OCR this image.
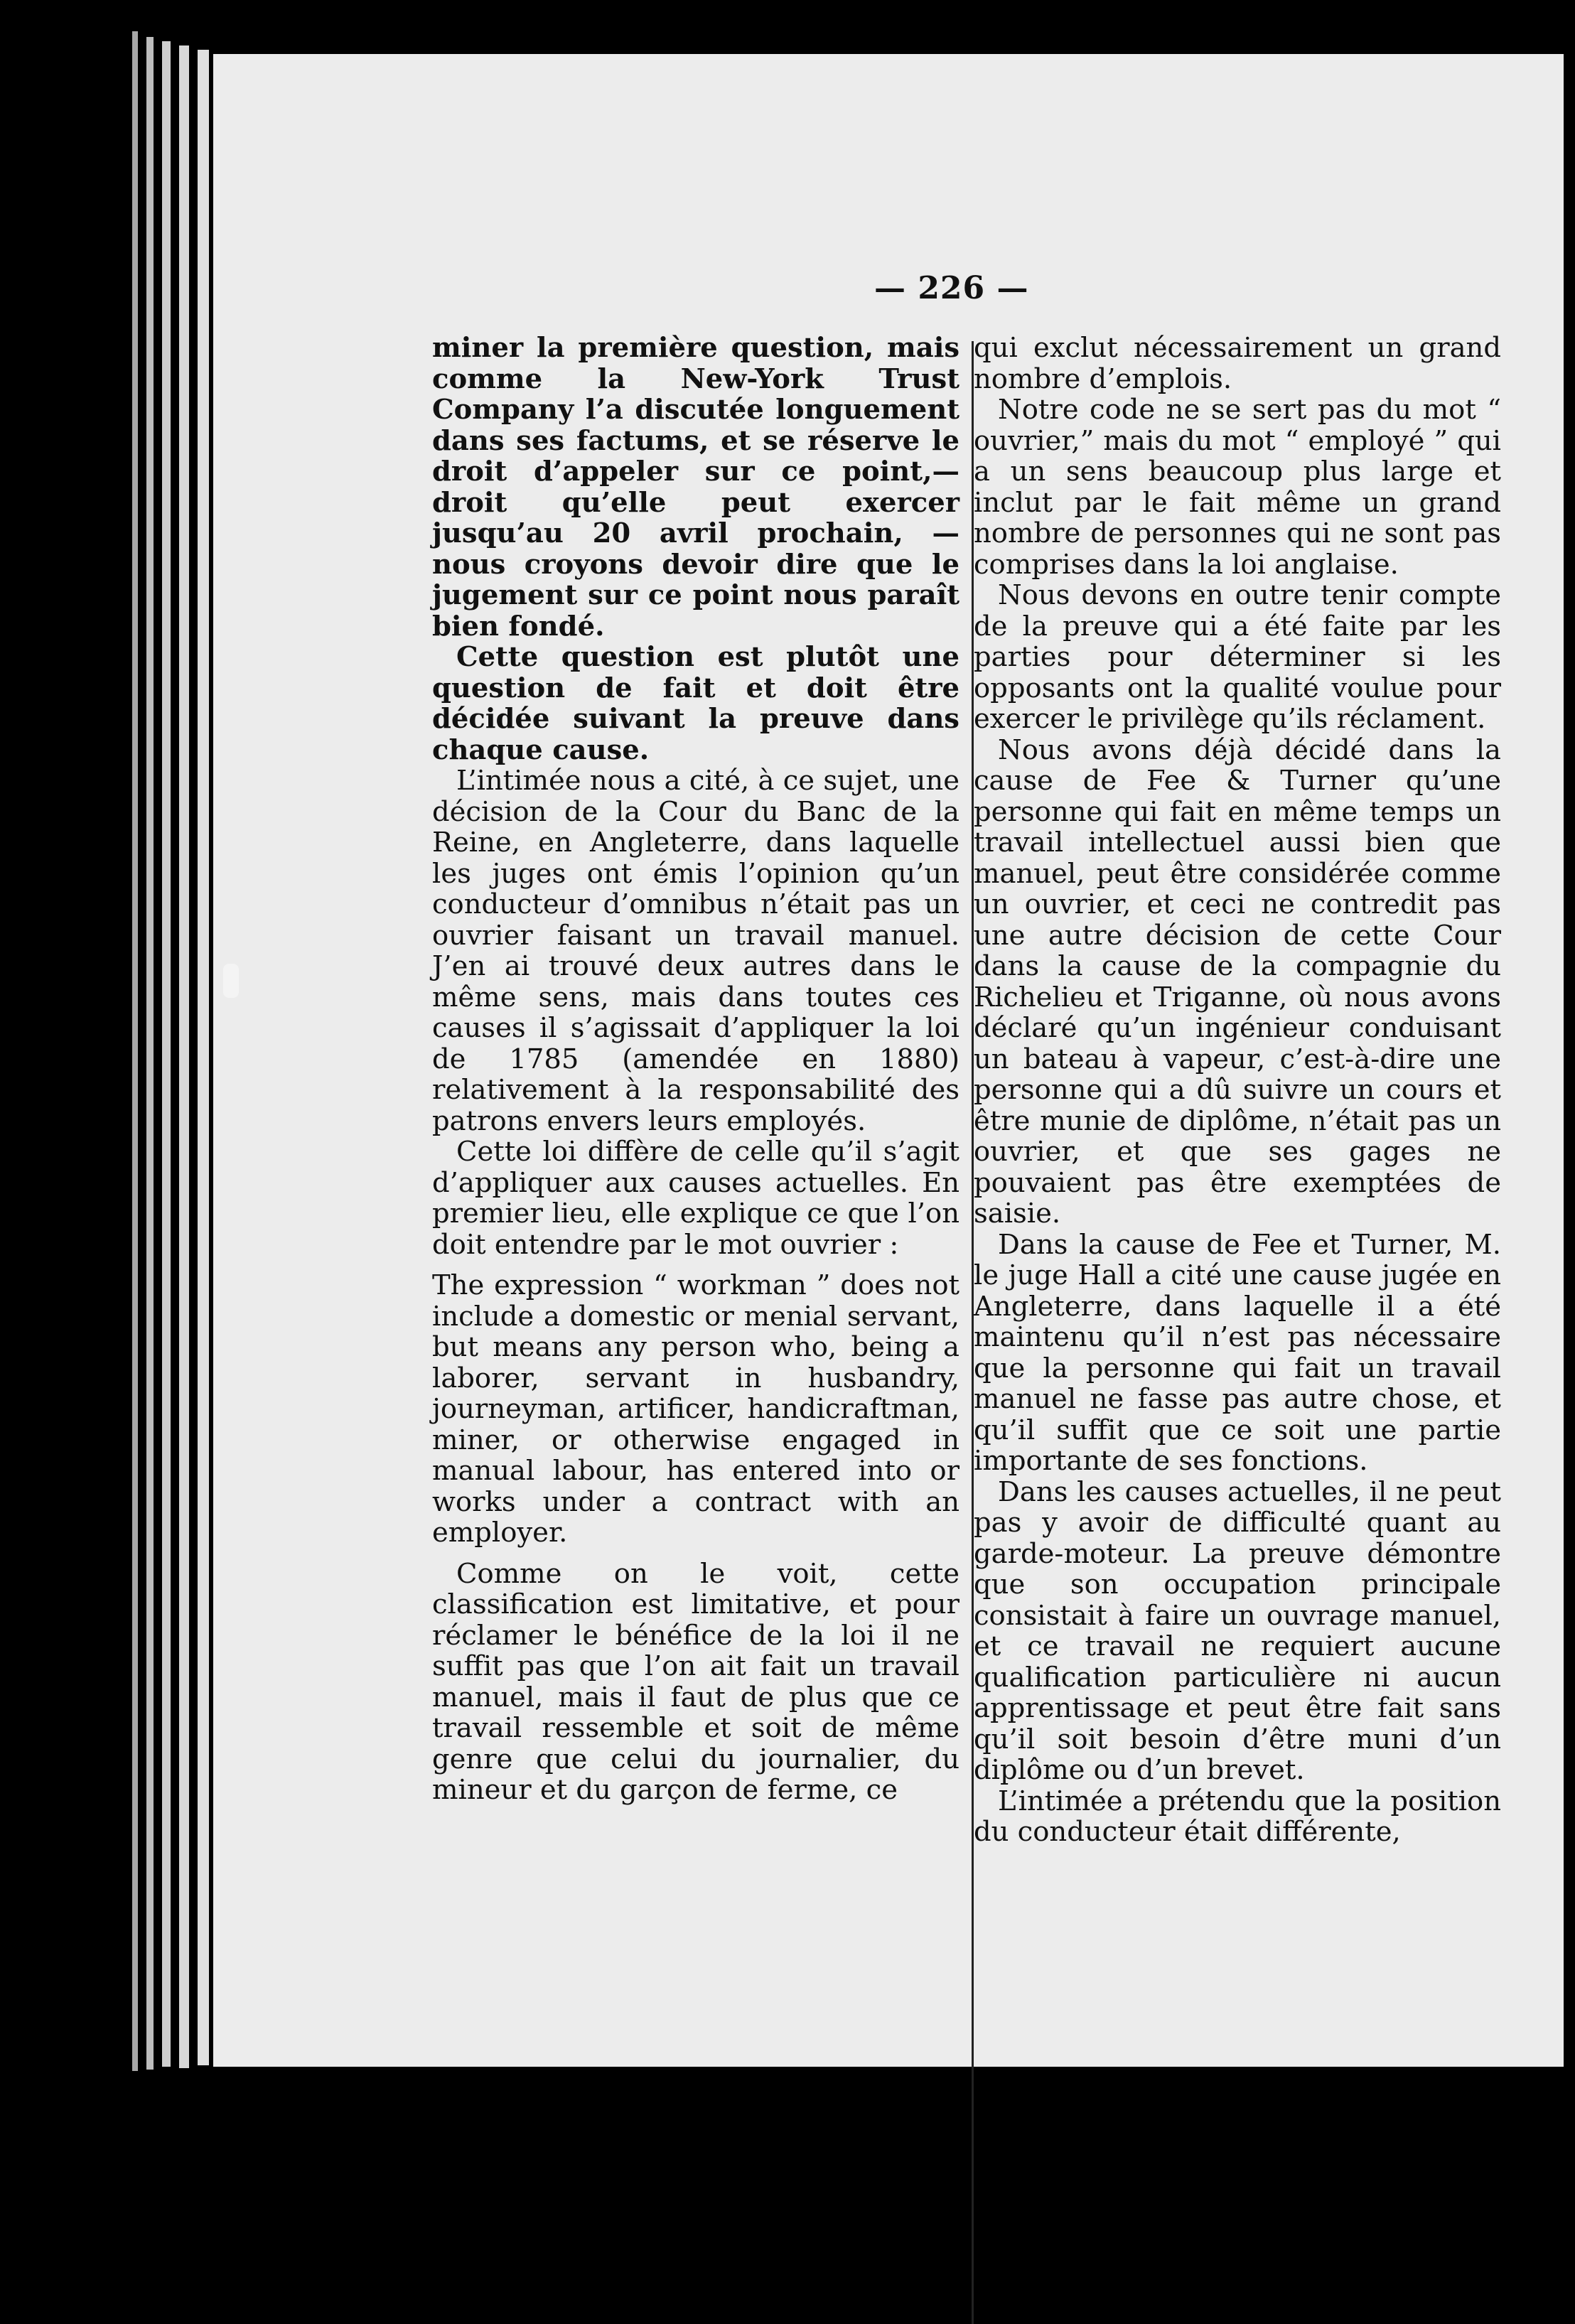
— 226 —

miner la première question, mais comme la New-York Trust Company l’a discutée longuement dans ses factums, et se réserve le droit d’appeler sur ce point,—droit qu’elle peut exercer jusqu’au 20 avril prochain, — nous croyons devoir dire que le jugement sur ce point nous paraît bien fondé.

Cette question est plutôt une question de fait et doit être décidée suivant la preuve dans chaque cause.

L’intimée nous a cité, à ce sujet, une décision de la Cour du Banc de la Reine, en Angleterre, dans laquelle les juges ont émis l’opinion qu’un conducteur d’omnibus n’était pas un ouvrier faisant un travail manuel. J’en ai trouvé deux autres dans le même sens, mais dans toutes ces causes il s’agissait d’appliquer la loi de 1785 (amendée en 1880) relativement à la responsabilité des patrons envers leurs employés.

Cette loi diffère de celle qu’il s’agit d’appliquer aux causes actuelles. En premier lieu, elle explique ce que l’on doit entendre par le mot ouvrier :

The expression “ workman ” does not include a domestic or menial servant, but means any person who, being a laborer, servant in husbandry, journeyman, artificer, handicraftman, miner, or otherwise engaged in manual labour, has entered into or works under a contract with an employer.

Comme on le voit, cette classification est limitative, et pour réclamer le bénéfice de la loi il ne suffit pas que l’on ait fait un travail manuel, mais il faut de plus que ce travail ressemble et soit de même genre que celui du journalier, du mineur et du garçon de ferme, ce

qui exclut nécessairement un grand nombre d’emplois.

Notre code ne se sert pas du mot “ ouvrier,” mais du mot “ employé ” qui a un sens beaucoup plus large et inclut par le fait même un grand nombre de personnes qui ne sont pas comprises dans la loi anglaise.

Nous devons en outre tenir compte de la preuve qui a été faite par les parties pour déterminer si les opposants ont la qualité voulue pour exercer le privilège qu’ils réclament.

Nous avons déjà décidé dans la cause de Fee & Turner qu’une personne qui fait en même temps un travail intellectuel aussi bien que manuel, peut être considérée comme un ouvrier, et ceci ne contredit pas une autre décision de cette Cour dans la cause de la compagnie du Richelieu et Triganne, où nous avons déclaré qu’un ingénieur conduisant un bateau à vapeur, c’est-à-dire une personne qui a dû suivre un cours et être munie de diplôme, n’était pas un ouvrier, et que ses gages ne pouvaient pas être exemptées de saisie.

Dans la cause de Fee et Turner, M. le juge Hall a cité une cause jugée en Angleterre, dans laquelle il a été maintenu qu’il n’est pas nécessaire que la personne qui fait un travail manuel ne fasse pas autre chose, et qu’il suffit que ce soit une partie importante de ses fonctions.

Dans les causes actuelles, il ne peut pas y avoir de difficulté quant au garde-moteur. La preuve démontre que son occupation principale consistait à faire un ouvrage manuel, et ce travail ne requiert aucune qualification particulière ni aucun apprentissage et peut être fait sans qu’il soit besoin d’être muni d’un diplôme ou d’un brevet.

L’intimée a prétendu que la position du conducteur était différente,
